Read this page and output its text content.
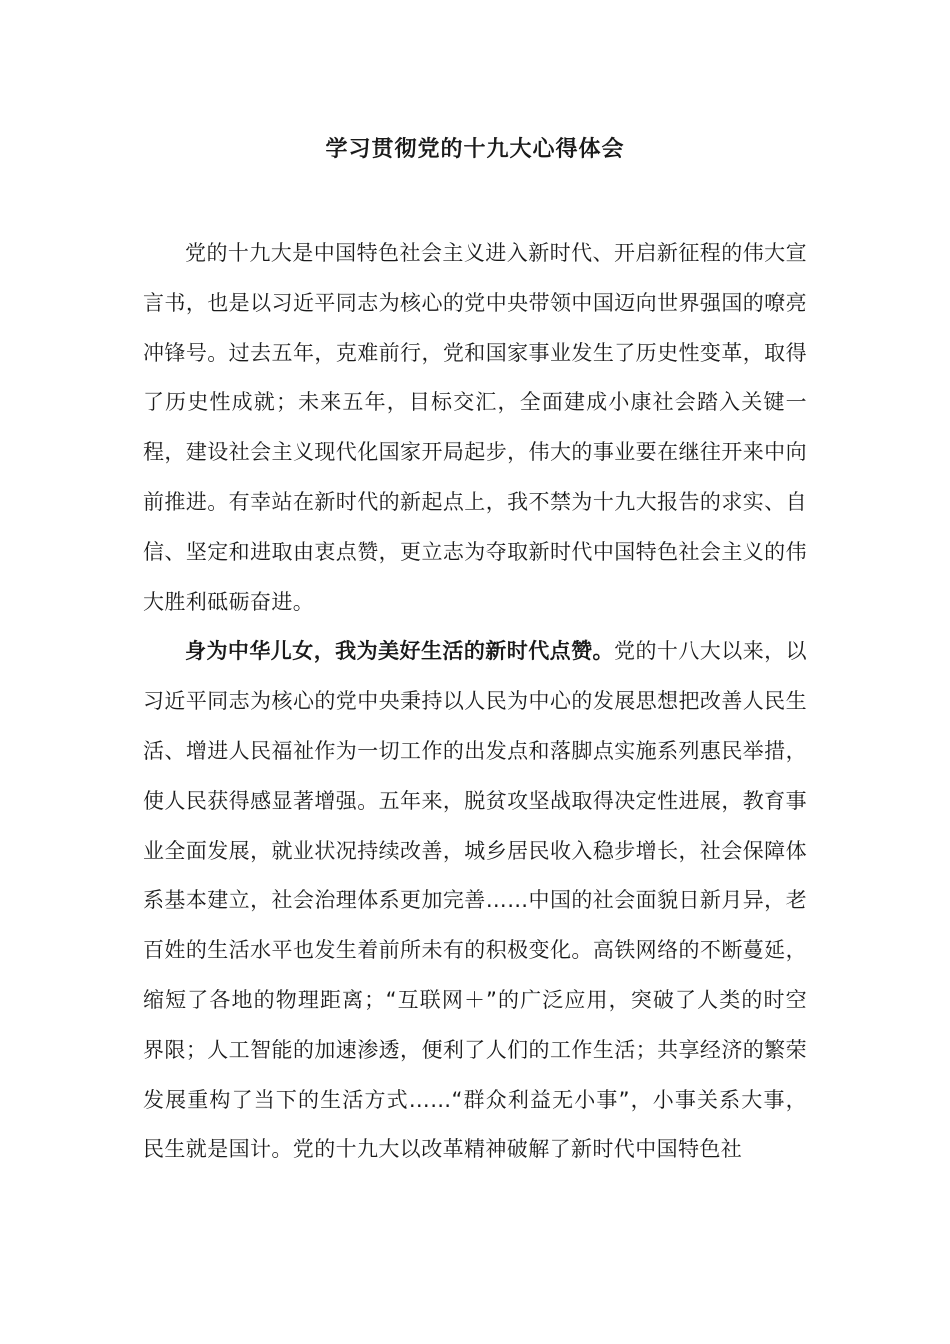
学习贯彻党的十九大心得体会

党的十九大是中国特色社会主义进入新时代、开启新征程的伟大宣言书，也是以习近平同志为核心的党中央带领中国迈向世界强国的嘹亮冲锋号。过去五年，克难前行，党和国家事业发生了历史性变革，取得了历史性成就；未来五年，目标交汇，全面建成小康社会踏入关键一程，建设社会主义现代化国家开局起步，伟大的事业要在继往开来中向前推进。有幸站在新时代的新起点上，我不禁为十九大报告的求实、自信、坚定和进取由衷点赞，更立志为夺取新时代中国特色社会主义的伟大胜利砥砺奋进。

身为中华儿女，我为美好生活的新时代点赞。党的十八大以来，以习近平同志为核心的党中央秉持以人民为中心的发展思想把改善人民生活、增进人民福祉作为一切工作的出发点和落脚点实施系列惠民举措，使人民获得感显著增强。五年来，脱贫攻坚战取得决定性进展，教育事业全面发展，就业状况持续改善，城乡居民收入稳步增长，社会保障体系基本建立，社会治理体系更加完善……中国的社会面貌日新月异，老百姓的生活水平也发生着前所未有的积极变化。高铁网络的不断蔓延，缩短了各地的物理距离；“互联网＋”的广泛应用，突破了人类的时空界限；人工智能的加速渗透，便利了人们的工作生活；共享经济的繁荣发展重构了当下的生活方式……“群众利益无小事”，小事关系大事，民生就是国计。党的十九大以改革精神破解了新时代中国特色社
